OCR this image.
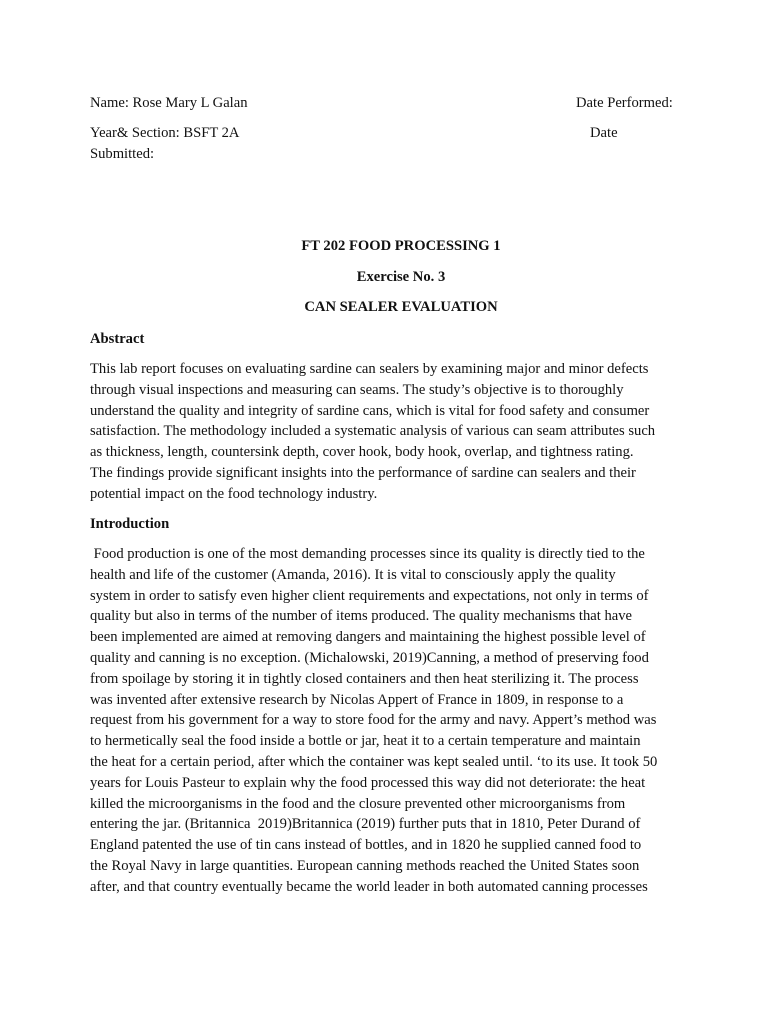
Name: Rose Mary L Galan	Date Performed:
Year& Section: BSFT 2A	Date
Submitted:
FT 202 FOOD PROCESSING 1
Exercise No. 3
CAN SEALER EVALUATION
Abstract
This lab report focuses on evaluating sardine can sealers by examining major and minor defects
through visual inspections and measuring can seams. The study’s objective is to thoroughly
understand the quality and integrity of sardine cans, which is vital for food safety and consumer
satisfaction. The methodology included a systematic analysis of various can seam attributes such
as thickness, length, countersink depth, cover hook, body hook, overlap, and tightness rating.
The findings provide significant insights into the performance of sardine can sealers and their
potential impact on the food technology industry.
Introduction
Food production is one of the most demanding processes since its quality is directly tied to the
health and life of the customer (Amanda, 2016). It is vital to consciously apply the quality
system in order to satisfy even higher client requirements and expectations, not only in terms of
quality but also in terms of the number of items produced. The quality mechanisms that have
been implemented are aimed at removing dangers and maintaining the highest possible level of
quality and canning is no exception. (Michalowski, 2019)Canning, a method of preserving food
from spoilage by storing it in tightly closed containers and then heat sterilizing it. The process
was invented after extensive research by Nicolas Appert of France in 1809, in response to a
request from his government for a way to store food for the army and navy. Appert’s method was
to hermetically seal the food inside a bottle or jar, heat it to a certain temperature and maintain
the heat for a certain period, after which the container was kept sealed until. ‘to its use. It took 50
years for Louis Pasteur to explain why the food processed this way did not deteriorate: the heat
killed the microorganisms in the food and the closure prevented other microorganisms from
entering the jar. (Britannica  2019)Britannica (2019) further puts that in 1810, Peter Durand of
England patented the use of tin cans instead of bottles, and in 1820 he supplied canned food to
the Royal Navy in large quantities. European canning methods reached the United States soon
after, and that country eventually became the world leader in both automated canning processes
